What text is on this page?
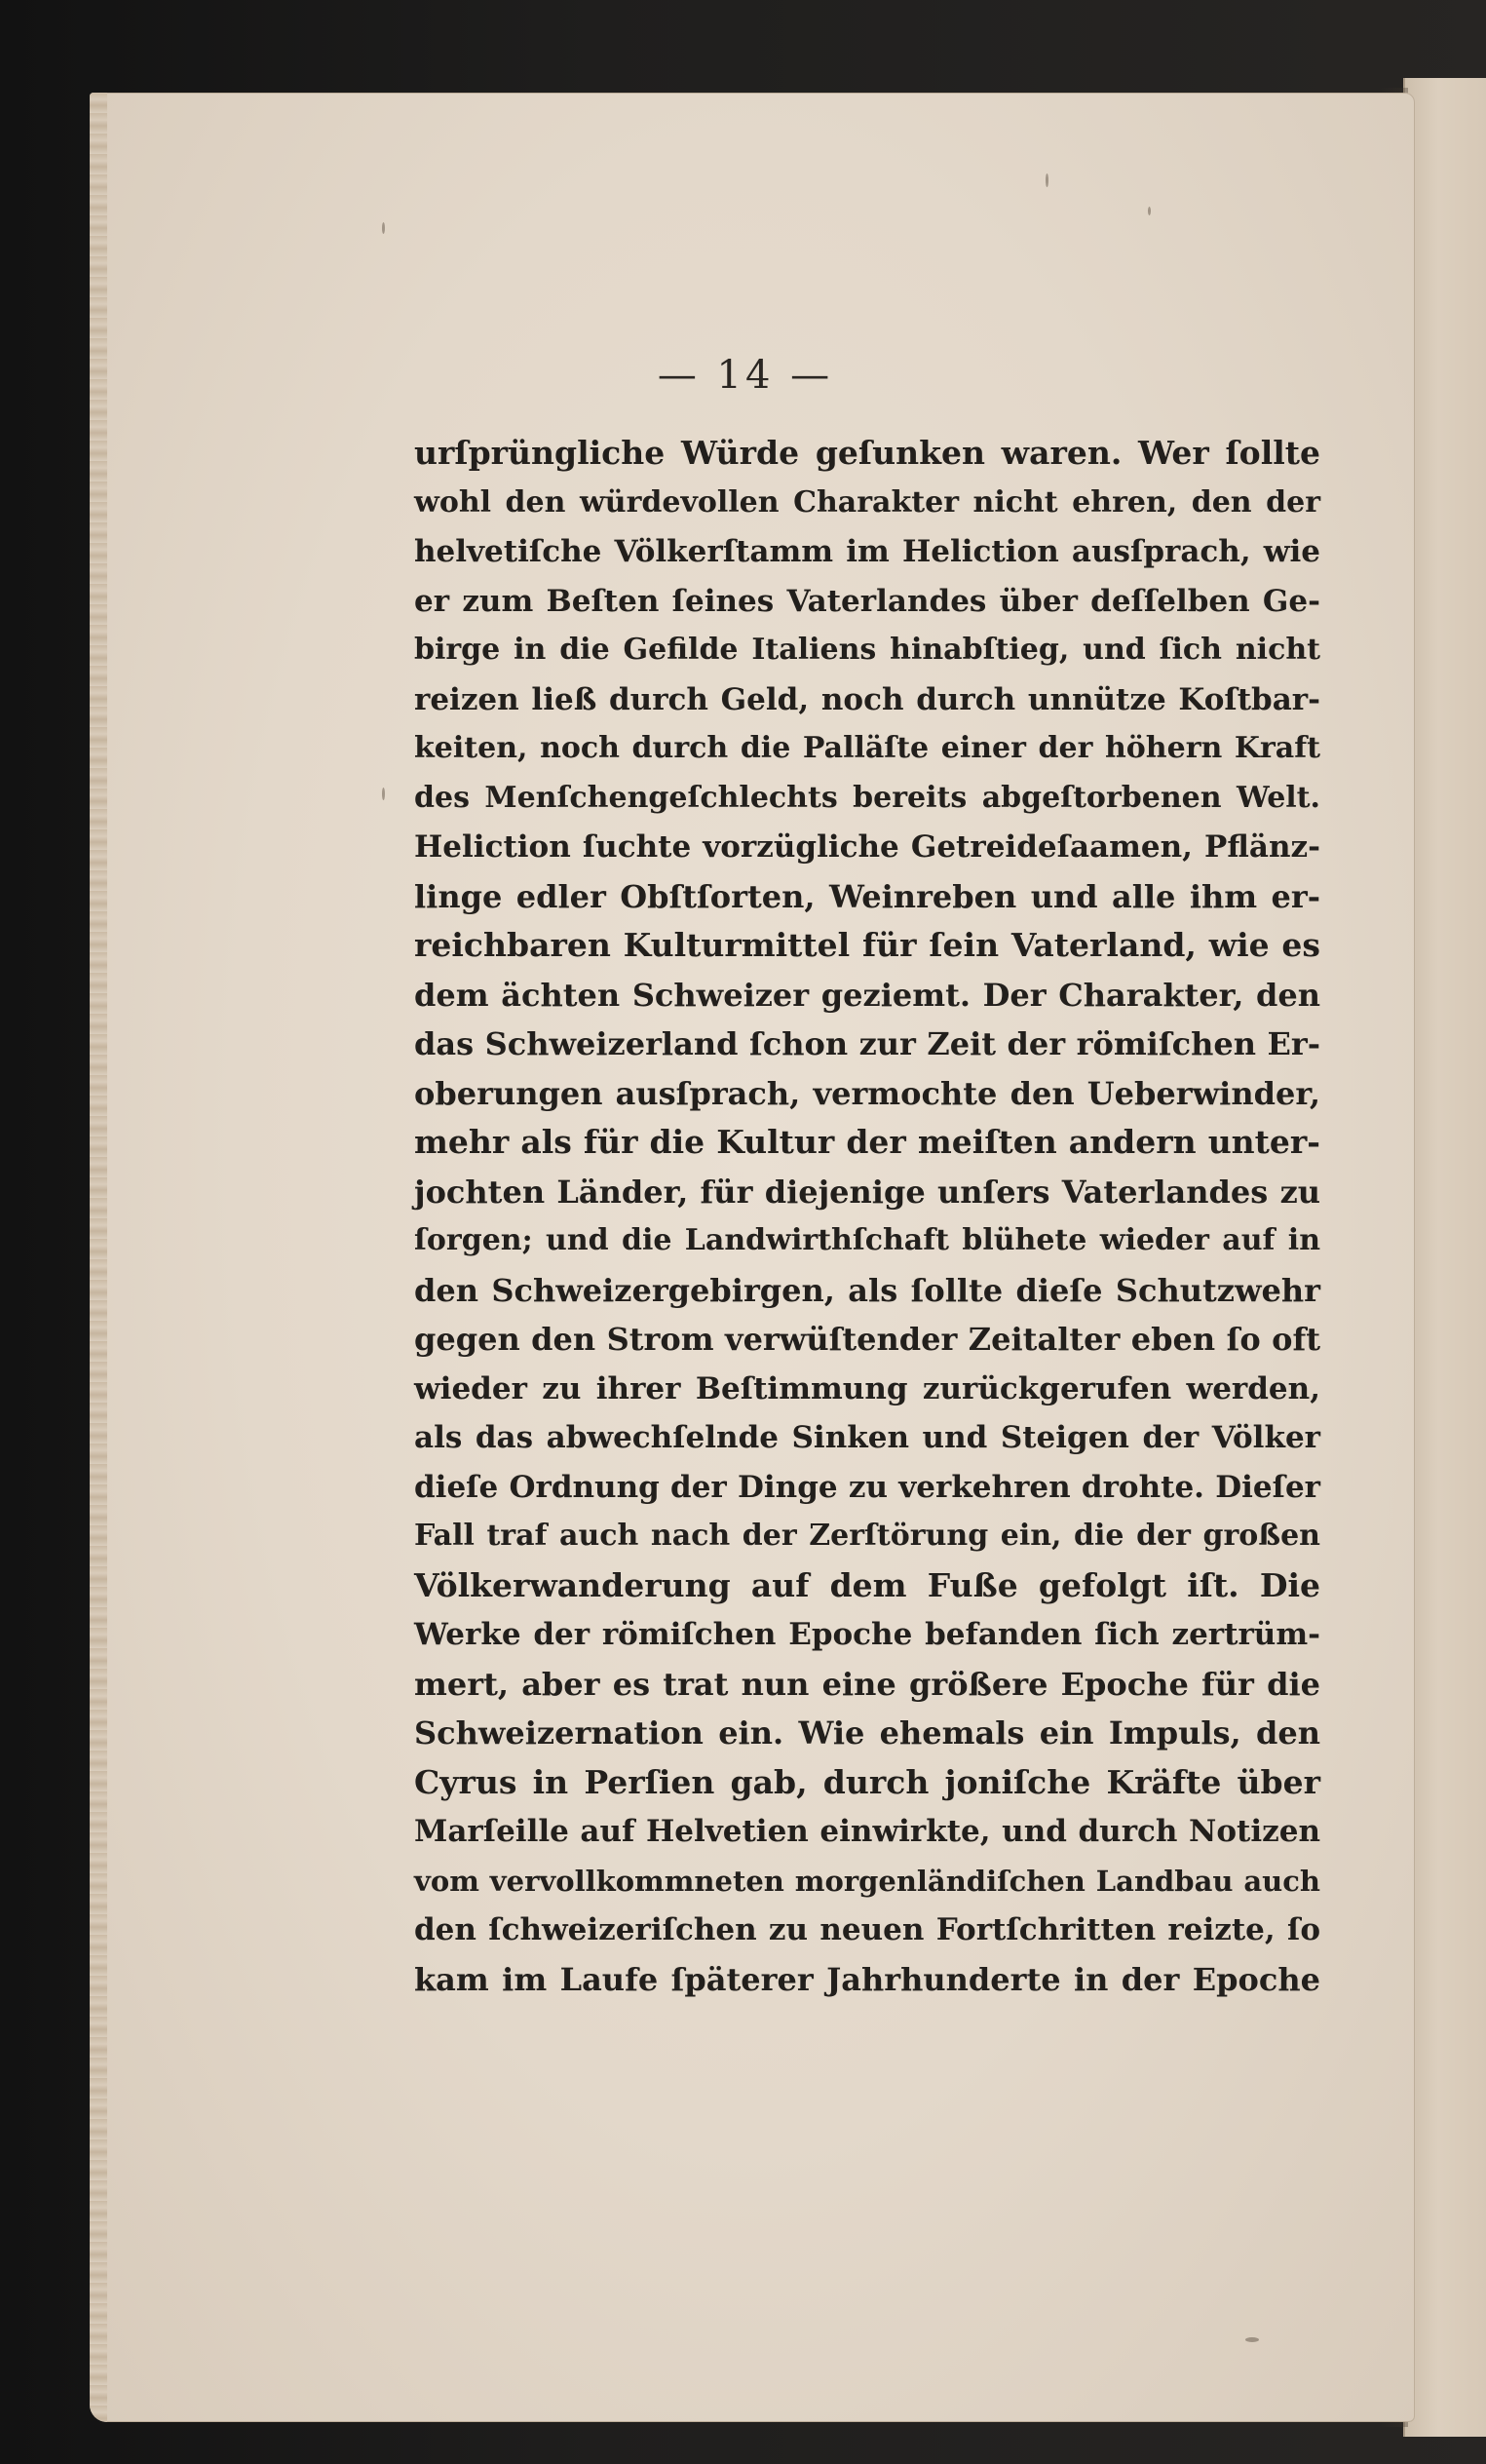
— 14 —
urſprüngliche Würde geſunken waren. Wer ſollte
wohl den würdevollen Charakter nicht ehren, den der
helvetiſche Völkerſtamm im Heliction ausſprach, wie
er zum Beſten ſeines Vaterlandes über deſſelben Ge-
birge in die Gefilde Italiens hinabſtieg, und ſich nicht
reizen ließ durch Geld, noch durch unnütze Koſtbar-
keiten, noch durch die Palläſte einer der höhern Kraft
des Menſchengeſchlechts bereits abgeſtorbenen Welt.
Heliction ſuchte vorzügliche Getreideſaamen, Pflänz-
linge edler Obſtſorten, Weinreben und alle ihm er-
reichbaren Kulturmittel für ſein Vaterland, wie es
dem ächten Schweizer geziemt. Der Charakter, den
das Schweizerland ſchon zur Zeit der römiſchen Er-
oberungen ausſprach, vermochte den Ueberwinder,
mehr als für die Kultur der meiſten andern unter-
jochten Länder, für diejenige unſers Vaterlandes zu
ſorgen; und die Landwirthſchaft blühete wieder auf in
den Schweizergebirgen, als ſollte dieſe Schutzwehr
gegen den Strom verwüſtender Zeitalter eben ſo oft
wieder zu ihrer Beſtimmung zurückgerufen werden,
als das abwechſelnde Sinken und Steigen der Völker
dieſe Ordnung der Dinge zu verkehren drohte. Dieſer
Fall traf auch nach der Zerſtörung ein, die der großen
Völkerwanderung auf dem Fuße gefolgt iſt. Die
Werke der römiſchen Epoche befanden ſich zertrüm-
mert, aber es trat nun eine größere Epoche für die
Schweizernation ein. Wie ehemals ein Impuls, den
Cyrus in Perſien gab, durch joniſche Kräfte über
Marſeille auf Helvetien einwirkte, und durch Notizen
vom vervollkommneten morgenländiſchen Landbau auch
den ſchweizeriſchen zu neuen Fortſchritten reizte, ſo
kam im Laufe ſpäterer Jahrhunderte in der Epoche
